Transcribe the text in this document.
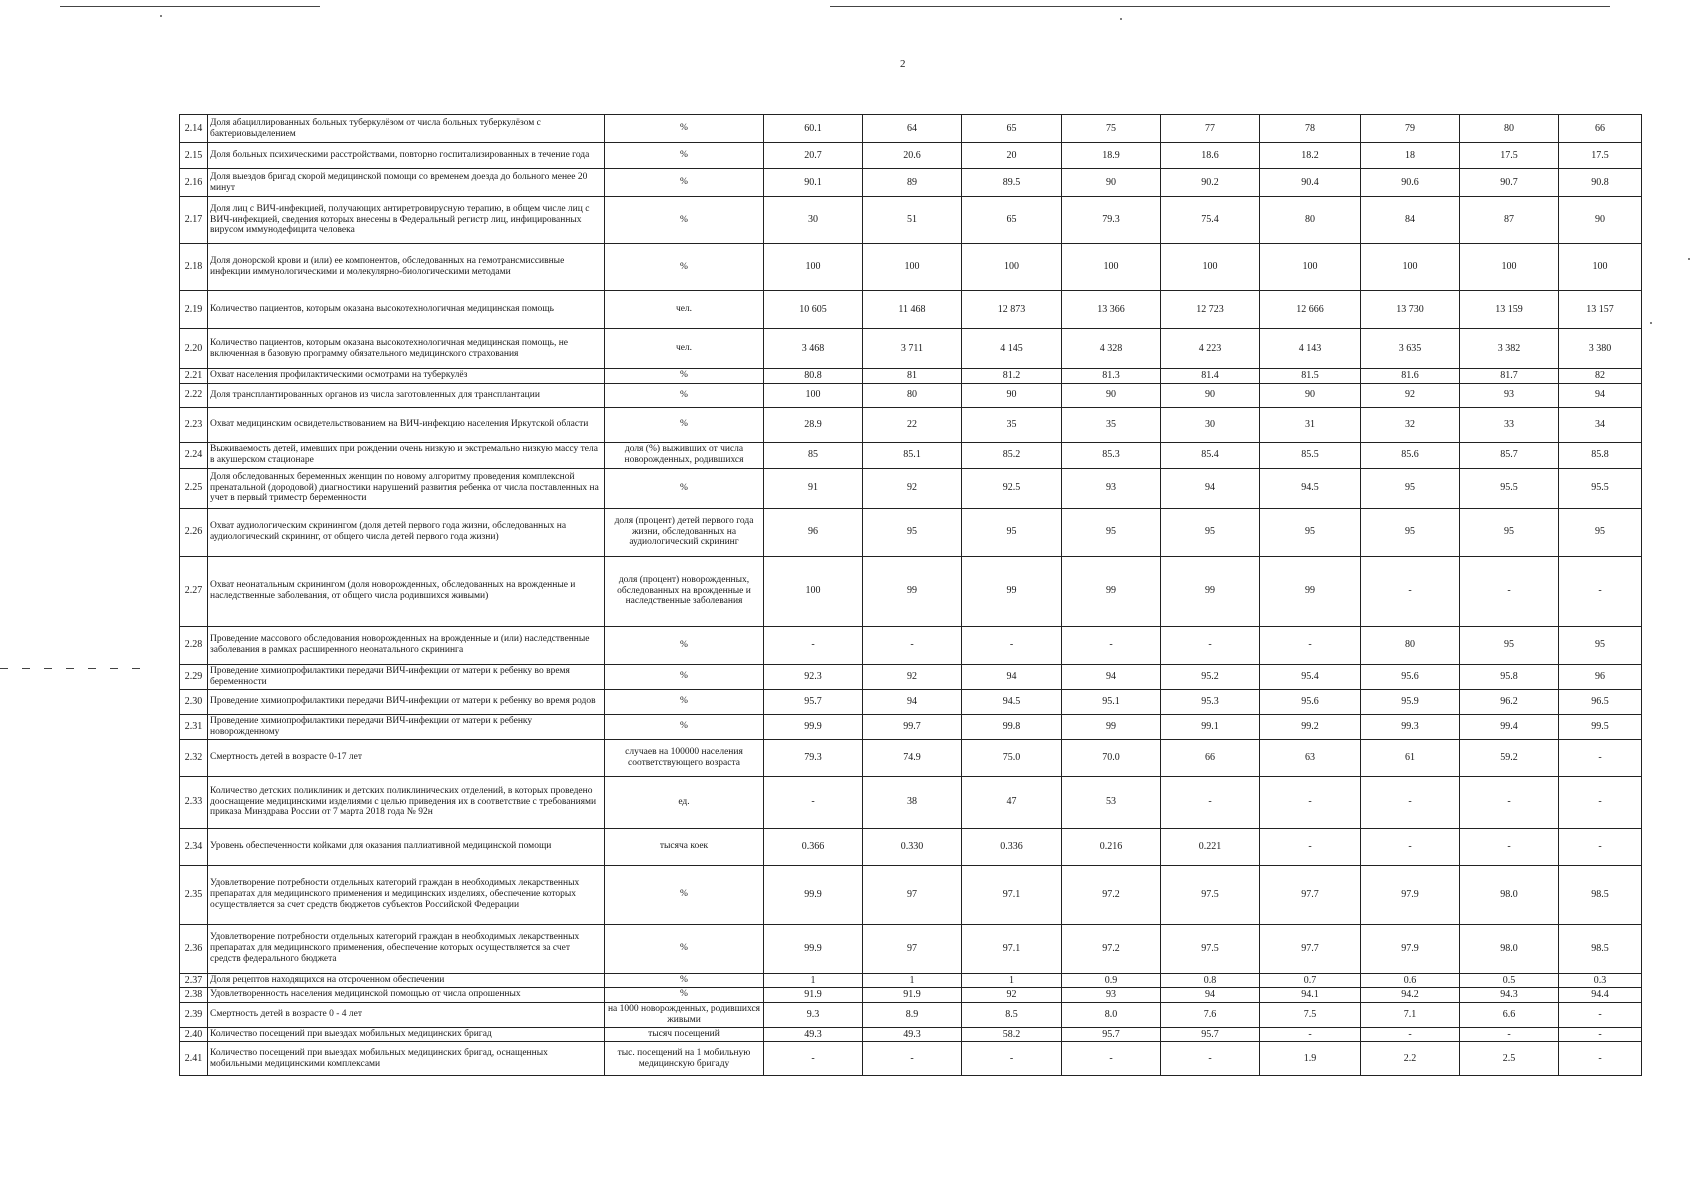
2
2.14	Доля абациллированных больных туберкулёзом от числа больных туберкулёзом с бактериовыделением	%	60.1	64	65	75	77	78	79	80	66
2.15	Доля больных психическими расстройствами, повторно госпитализированных в течение года	%	20.7	20.6	20	18.9	18.6	18.2	18	17.5	17.5
2.16	Доля выездов бригад скорой медицинской помощи со временем доезда до больного менее 20 минут	%	90.1	89	89.5	90	90.2	90.4	90.6	90.7	90.8
2.17	Доля лиц с ВИЧ-инфекцией, получающих антиретровирусную терапию, в общем числе лиц с ВИЧ-инфекцией, сведения которых внесены в Федеральный регистр лиц, инфицированных вирусом иммунодефицита человека	%	30	51	65	79.3	75.4	80	84	87	90
2.18	Доля донорской крови и (или) ее компонентов, обследованных на гемотрансмиссивные инфекции иммунологическими и молекулярно-биологическими методами	%	100	100	100	100	100	100	100	100	100
2.19	Количество пациентов, которым оказана высокотехнологичная медицинская помощь	чел.	10 605	11 468	12 873	13 366	12 723	12 666	13 730	13 159	13 157
2.20	Количество пациентов, которым оказана высокотехнологичная медицинская помощь, не включенная в базовую программу обязательного медицинского страхования	чел.	3 468	3 711	4 145	4 328	4 223	4 143	3 635	3 382	3 380
2.21	Охват населения профилактическими осмотрами на туберкулёз	%	80.8	81	81.2	81.3	81.4	81.5	81.6	81.7	82
2.22	Доля трансплантированных органов из числа заготовленных для трансплантации	%	100	80	90	90	90	90	92	93	94
2.23	Охват медицинским освидетельствованием на ВИЧ-инфекцию населения Иркутской области	%	28.9	22	35	35	30	31	32	33	34
2.24	Выживаемость детей, имевших при рождении очень низкую и экстремально низкую массу тела в акушерском стационаре	доля (%) выживших от числа новорожденных, родившихся	85	85.1	85.2	85.3	85.4	85.5	85.6	85.7	85.8
2.25	Доля обследованных беременных женщин по новому алгоритму проведения комплексной пренатальной (дородовой) диагностики нарушений развития ребенка от числа поставленных на учет в первый триместр беременности	%	91	92	92.5	93	94	94.5	95	95.5	95.5
2.26	Охват аудиологическим скринингом (доля детей первого года жизни, обследованных на аудиологический скрининг, от общего числа детей первого года жизни)	доля (процент) детей первого года жизни, обследованных на аудиологический скрининг	96	95	95	95	95	95	95	95	95
2.27	Охват неонатальным скринингом (доля новорожденных, обследованных на врожденные и наследственные заболевания, от общего числа родившихся живыми)	доля (процент) новорожденных, обследованных на врожденные и наследственные заболевания	100	99	99	99	99	99	-	-	-
2.28	Проведение массового обследования новорожденных на врожденные и (или) наследственные заболевания в рамках расширенного неонатального скрининга	%	-	-	-	-	-	-	80	95	95
2.29	Проведение химиопрофилактики передачи ВИЧ-инфекции от матери к ребенку во время беременности	%	92.3	92	94	94	95.2	95.4	95.6	95.8	96
2.30	Проведение химиопрофилактики передачи ВИЧ-инфекции от матери к ребенку во время родов	%	95.7	94	94.5	95.1	95.3	95.6	95.9	96.2	96.5
2.31	Проведение химиопрофилактики передачи ВИЧ-инфекции от матери к ребенку новорожденному	%	99.9	99.7	99.8	99	99.1	99.2	99.3	99.4	99.5
2.32	Смертность детей в возрасте 0-17 лет	случаев на 100000 населения соответствующего возраста	79.3	74.9	75.0	70.0	66	63	61	59.2	-
2.33	Количество детских поликлиник и детских поликлинических отделений, в которых проведено дооснащение медицинскими изделиями с целью приведения их в соответствие с требованиями приказа Минздрава России от 7 марта 2018 года № 92н	ед.	-	38	47	53	-	-	-	-	-
2.34	Уровень обеспеченности койками для оказания паллиативной медицинской помощи	тысяча коек	0.366	0.330	0.336	0.216	0.221	-	-	-	-
2.35	Удовлетворение потребности отдельных категорий граждан в необходимых лекарственных препаратах для медицинского применения и медицинских изделиях, обеспечение которых осуществляется за счет средств бюджетов субъектов Российской Федерации	%	99.9	97	97.1	97.2	97.5	97.7	97.9	98.0	98.5
2.36	Удовлетворение потребности отдельных категорий граждан в необходимых лекарственных препаратах для медицинского применения, обеспечение которых осуществляется за счет средств федерального бюджета	%	99.9	97	97.1	97.2	97.5	97.7	97.9	98.0	98.5
2.37	Доля рецептов находящихся на отсроченном обеспечении	%	1	1	1	0.9	0.8	0.7	0.6	0.5	0.3
2.38	Удовлетворенность населения медицинской помощью от числа опрошенных	%	91.9	91.9	92	93	94	94.1	94.2	94.3	94.4
2.39	Смертность детей в возрасте 0 - 4 лет	на 1000 новорожденных, родившихся живыми	9.3	8.9	8.5	8.0	7.6	7.5	7.1	6.6	-
2.40	Количество посещений при выездах мобильных медицинских бригад	тысяч посещений	49.3	49.3	58.2	95.7	95.7	-	-	-	-
2.41	Количество посещений при выездах мобильных медицинских бригад, оснащенных мобильными медицинскими комплексами	тыс. посещений на 1 мобильную медицинскую бригаду	-	-	-	-	-	1.9	2.2	2.5	-
